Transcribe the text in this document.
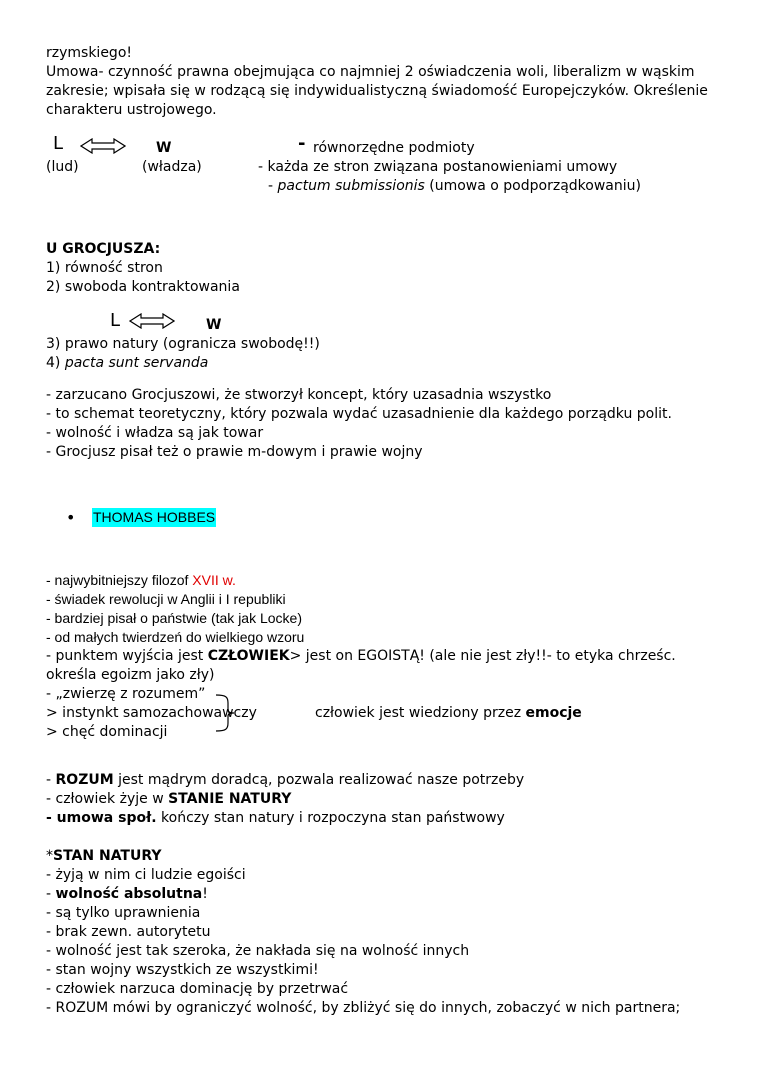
rzymskiego!
Umowa- czynność prawna obejmująca co najmniej 2 oświadczenia woli, liberalizm w wąskim
zakresie; wpisała się w rodzącą się indywidualistyczną świadomość Europejczyków. Określenie
charakteru ustrojowego.
L	W	- równorzędne podmioty
(lud)	(władza)	- każda ze stron związana postanowieniami umowy
- pactum submissionis (umowa o podporządkowaniu)
U GROCJUSZA:
1) równość stron
2) swoboda kontraktowania
L	W
3) prawo natury (ogranicza swobodę!!)
4) pacta sunt servanda
- zarzucano Grocjuszowi, że stworzył koncept, który uzasadnia wszystko
- to schemat teoretyczny, który pozwala wydać uzasadnienie dla każdego porządku polit.
- wolność i władza są jak towar
- Grocjusz pisał też o prawie m-dowym i prawie wojny
• THOMAS HOBBES
- najwybitniejszy filozof XVII w.
- świadek rewolucji w Anglii i I republiki
- bardziej pisał o państwie (tak jak Locke)
- od małych twierdzeń do wielkiego wzoru
- punktem wyjścia jest CZŁOWIEK> jest on EGOISTĄ! (ale nie jest zły!!- to etyka chrześc.
określa egoizm jako zły)
- „zwierzę z rozumem”
> instynkt samozachowawczy
> chęć dominacji
człowiek jest wiedziony przez emocje
- ROZUM jest mądrym doradcą, pozwala realizować nasze potrzeby
- człowiek żyje w STANIE NATURY
- umowa społ. kończy stan natury i rozpoczyna stan państwowy
*STAN NATURY
- żyją w nim ci ludzie egoiści
- wolność absolutna!
- są tylko uprawnienia
- brak zewn. autorytetu
- wolność jest tak szeroka, że nakłada się na wolność innych
- stan wojny wszystkich ze wszystkimi!
- człowiek narzuca dominację by przetrwać
- ROZUM mówi by ograniczyć wolność, by zbliżyć się do innych, zobaczyć w nich partnera;
